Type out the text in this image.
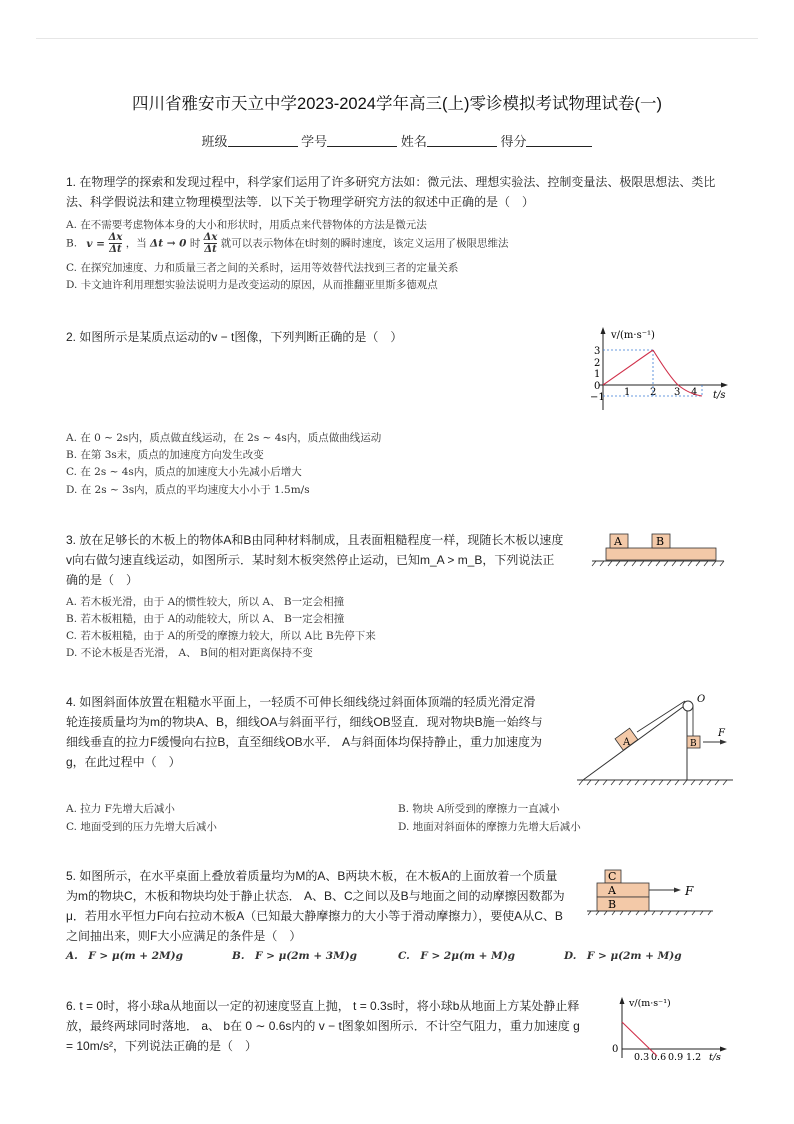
四川省雅安市天立中学2023-2024学年高三(上)零诊模拟考试物理试卷(一)
班级	学号	姓名	得分

1. 在物理学的探索和发现过程中，科学家们运用了许多研究方法如：微元法、理想实验法、控制变量法、极限思想法、类比法、科学假说法和建立物理模型法等．以下关于物理学研究方法的叙述中正确的是（　）

A. 在不需要考虑物体本身的大小和形状时，用质点来代替物体的方法是微元法
B. $v = \frac{\Delta x}{\Delta t}$ ，当 Δt → 0 时 $\frac{\Delta x}{\Delta t}$ 就可以表示物体在t时刻的瞬时速度，该定义运用了极限思维法
C. 在探究加速度、力和质量三者之间的关系时，运用等效替代法找到三者的定量关系
D. 卡文迪许利用理想实验法说明力是改变运动的原因，从而推翻亚里斯多德观点

2. 如图所示是某质点运动的v − t图像，下列判断正确的是（　）	v/(m·s⁻¹)
t/s
3
2
1
0
−1 1 2 3 4
A. 在 0 ∼ 2s内，质点做直线运动，在 2s ∼ 4s内，质点做曲线运动
B. 在第 3s末，质点的加速度方向发生改变
C. 在 2s ∼ 4s内，质点的加速度大小先减小后增大
D. 在 2s ∼ 3s内，质点的平均速度大小小于 1.5m/s

3. 放在足够长的木板上的物体A和B由同种材料制成，且表面粗糙程度一样，现随长木板以速度v向右做匀速直线运动，如图所示．某时刻木板突然停止运动，已知m_A > m_B，下列说法正确的是（　）

A	B
A. 若木板光滑，由于 A的惯性较大，所以 A、 B一定会相撞
B. 若木板粗糙，由于 A的动能较大，所以 A、 B一定会相撞
C. 若木板粗糙，由于 A的所受的摩擦力较大，所以 A比 B先停下来
D. 不论木板是否光滑， A、 B间的相对距离保持不变

4. 如图斜面体放置在粗糙水平面上，一轻质不可伸长细线绕过斜面体顶端的轻质光滑定滑轮连接质量均为m的物块A、B，细线OA与斜面平行，细线OB竖直．现对物块B施一始终与细线垂直的拉力F缓慢向右拉B，直至细线OB水平． A与斜面体均保持静止，重力加速度为g，在此过程中（　）

O
A	B
F
A. 拉力 F先增大后减小	B. 物块 A所受到的摩擦力一直减小
C. 地面受到的压力先增大后减小	D. 地面对斜面体的摩擦力先增大后减小

5. 如图所示，在水平桌面上叠放着质量均为M的A、B两块木板，在木板A的上面放着一个质量为m的物块C，木板和物块均处于静止状态． A、B、C之间以及B与地面之间的动摩擦因数都为μ．若用水平恒力F向右拉动木板A（已知最大静摩擦力的大小等于滑动摩擦力），要使A从C、B之间抽出来，则F大小应满足的条件是（　）

C
A
B
F
A.　F > μ(m + 2M)g	B.　F > μ(2m + 3M)g	C.　F > 2μ(m + M)g	D.　F > μ(2m + M)g

6. t = 0时，将小球a从地面以一定的初速度竖直上抛， t = 0.3s时，将小球b从地面上方某处静止释放，最终两球同时落地． a、 b在 0 ∼ 0.6s内的 v − t图象如图所示．不计空气阻力，重力加速度 g = 10m/s²，下列说法正确的是（　）

v/(m·s⁻¹)
0
0.3 0.6 0.9 1.2 t/s
